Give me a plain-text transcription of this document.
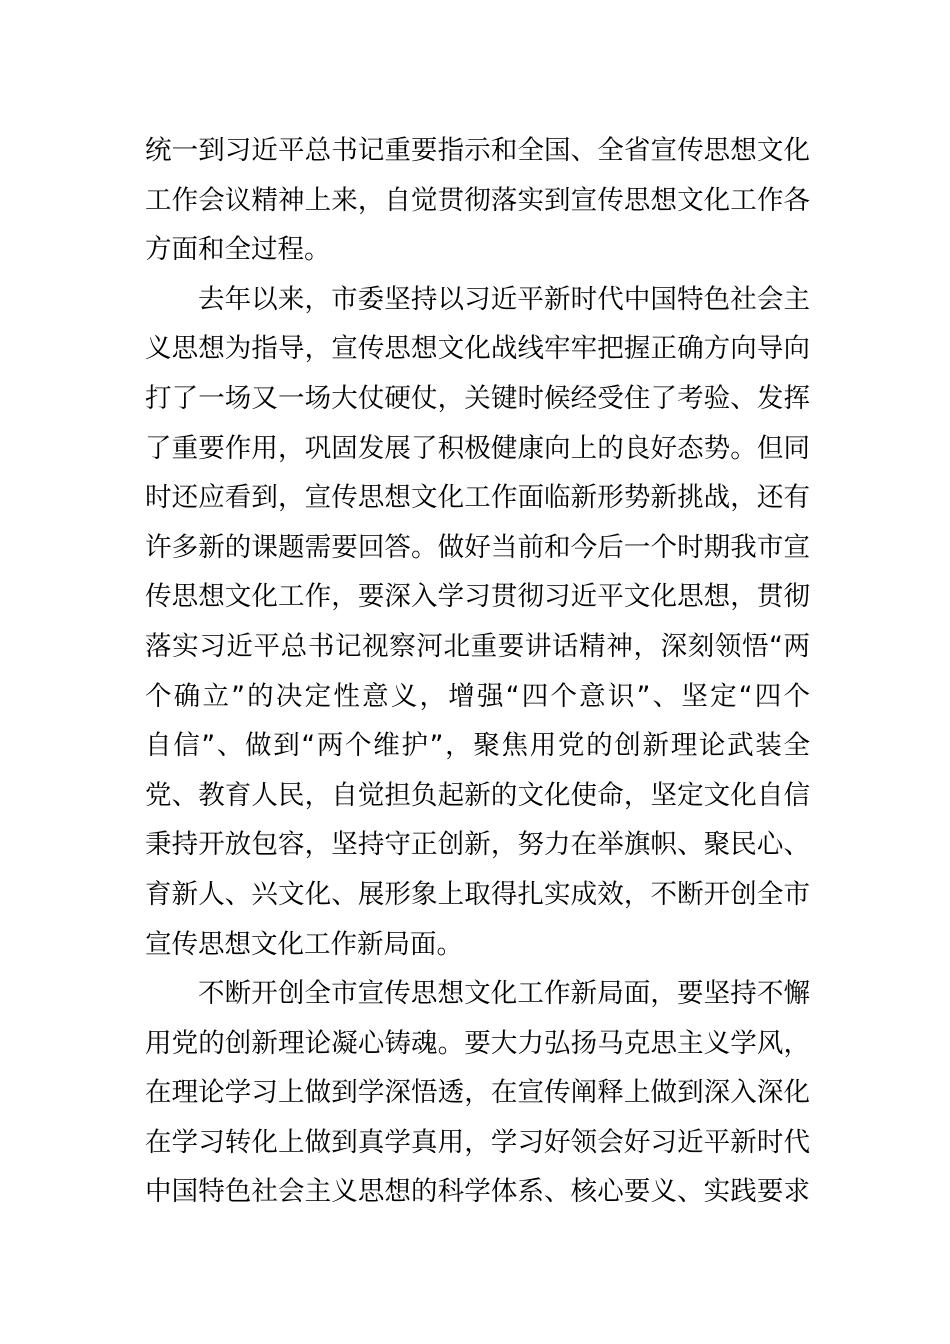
统一到习近平总书记重要指示和全国、全省宣传思想文化
工作会议精神上来，自觉贯彻落实到宣传思想文化工作各
方面和全过程。
去年以来，市委坚持以习近平新时代中国特色社会主
义思想为指导，宣传思想文化战线牢牢把握正确方向导向
打了一场又一场大仗硬仗，关键时候经受住了考验、发挥
了重要作用，巩固发展了积极健康向上的良好态势。但同
时还应看到，宣传思想文化工作面临新形势新挑战，还有
许多新的课题需要回答。做好当前和今后一个时期我市宣
传思想文化工作，要深入学习贯彻习近平文化思想，贯彻
落实习近平总书记视察河北重要讲话精神，深刻领悟“两
个确立”的决定性意义，增强“四个意识”、坚定“四个
自信”、做到“两个维护”，聚焦用党的创新理论武装全
党、教育人民，自觉担负起新的文化使命，坚定文化自信
秉持开放包容，坚持守正创新，努力在举旗帜、聚民心、
育新人、兴文化、展形象上取得扎实成效，不断开创全市
宣传思想文化工作新局面。
不断开创全市宣传思想文化工作新局面，要坚持不懈
用党的创新理论凝心铸魂。要大力弘扬马克思主义学风，
在理论学习上做到学深悟透，在宣传阐释上做到深入深化
在学习转化上做到真学真用，学习好领会好习近平新时代
中国特色社会主义思想的科学体系、核心要义、实践要求
